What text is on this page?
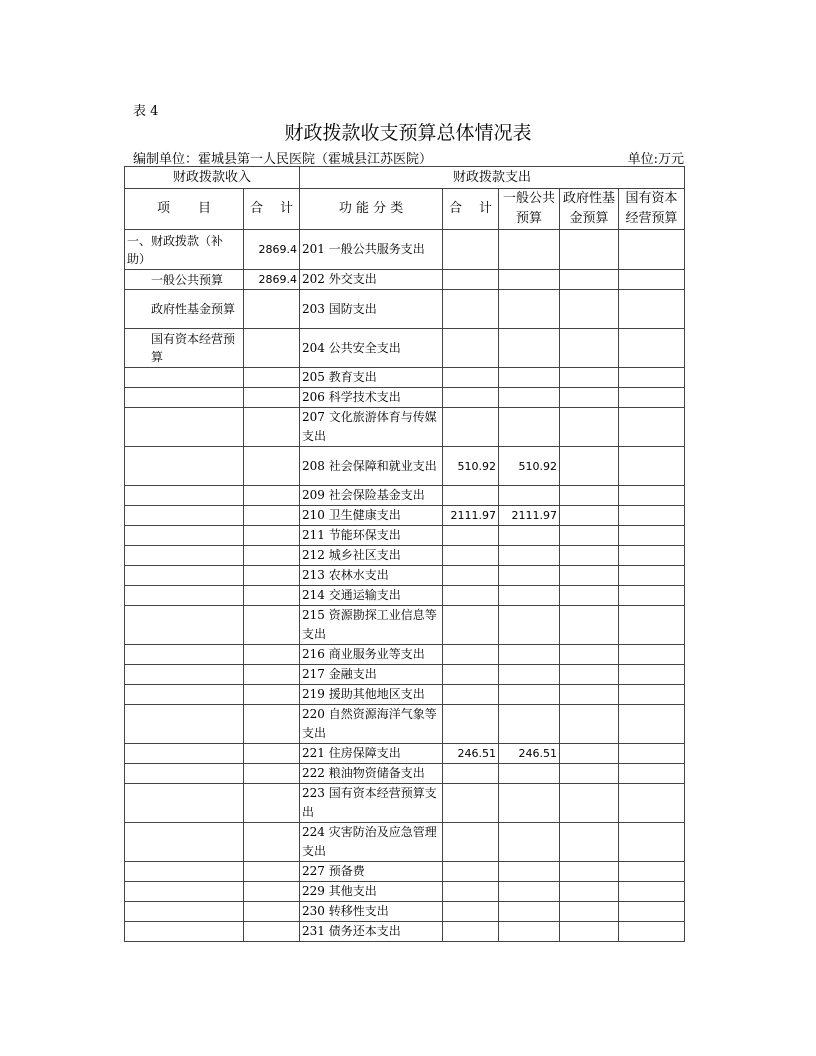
表 4
财政拨款收支预算总体情况表
编制单位：霍城县第一人民医院（霍城县江苏医院）	单位:万元
财政拨款收入		财政拨款支出				

项 目	合 计	功 能 分 类	合 计	一般公共预算	政府性基金预算	国有资本经营预算
一、财政拨款（补助）	2869.4	201 一般公共服务支出				
一般公共预算	2869.4	202 外交支出				
政府性基金预算		203 国防支出				
国有资本经营预算		204 公共安全支出				
		205 教育支出				
		206 科学技术支出				
		207 文化旅游体育与传媒支出				
		208 社会保障和就业支出	510.92	510.92		
		209 社会保险基金支出				
		210 卫生健康支出	2111.97	2111.97		
		211 节能环保支出				
		212 城乡社区支出				
		213 农林水支出				
		214 交通运输支出				
		215 资源勘探工业信息等支出				
		216 商业服务业等支出				
		217 金融支出				
		219 援助其他地区支出				
		220 自然资源海洋气象等支出				
		221 住房保障支出	246.51	246.51		
		222 粮油物资储备支出				
		223 国有资本经营预算支出				
		224 灾害防治及应急管理支出				
		227 预备费				
		229 其他支出				
		230 转移性支出				
		231 债务还本支出				
